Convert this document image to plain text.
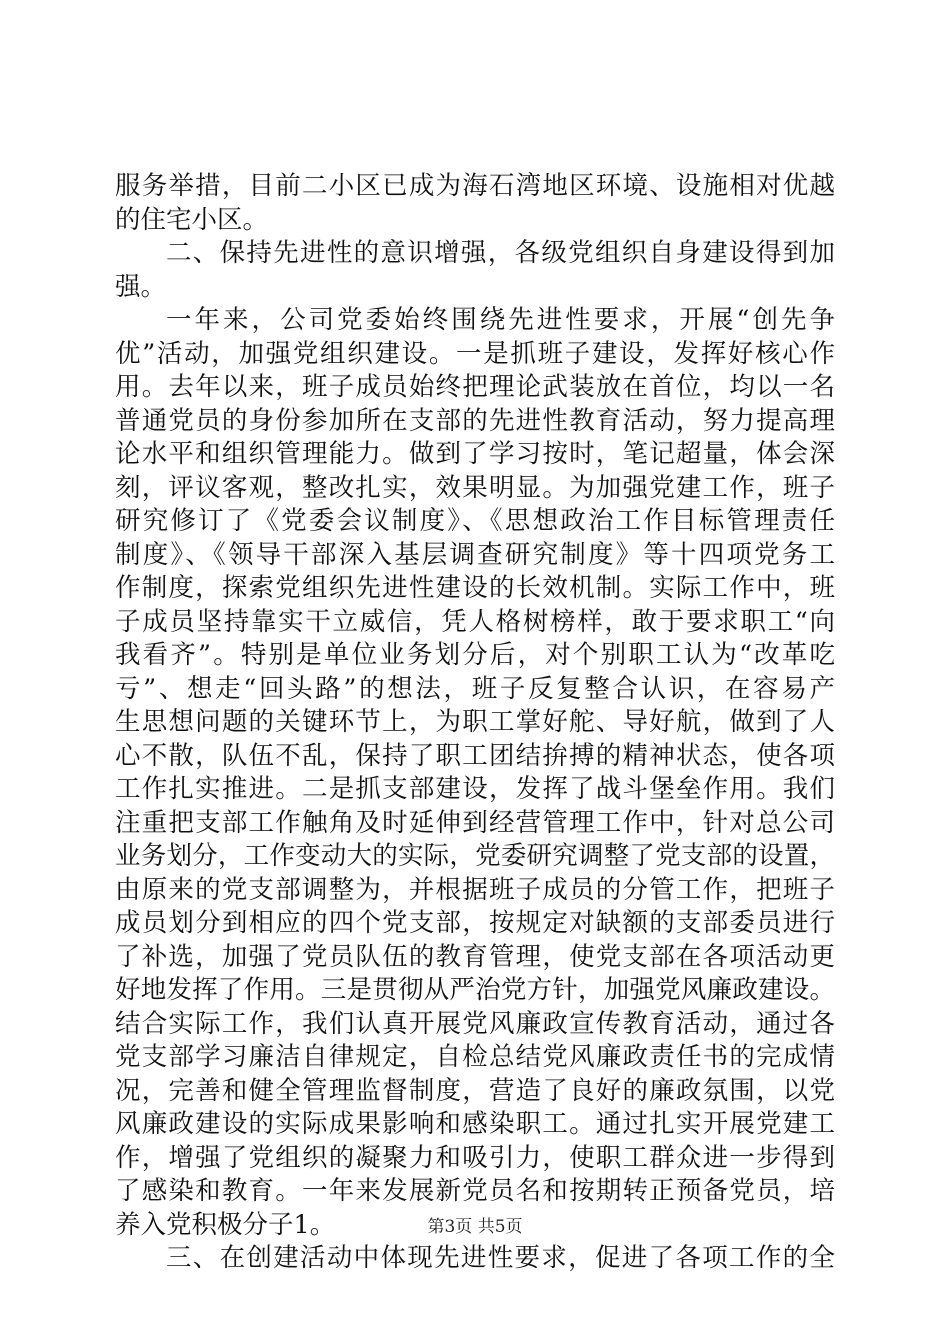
服务举措，目前二小区已成为海石湾地区环境、设施相对优越
的住宅小区。
二、保持先进性的意识增强，各级党组织自身建设得到加
强。
一年来，公司党委始终围绕先进性要求，开展“创先争
优”活动，加强党组织建设。一是抓班子建设，发挥好核心作
用。去年以来，班子成员始终把理论武装放在首位，均以一名
普通党员的身份参加所在支部的先进性教育活动，努力提高理
论水平和组织管理能力。做到了学习按时，笔记超量，体会深
刻，评议客观，整改扎实，效果明显。为加强党建工作，班子
研究修订了《党委会议制度》、《思想政治工作目标管理责任
制度》、《领导干部深入基层调查研究制度》等十四项党务工
作制度，探索党组织先进性建设的长效机制。实际工作中，班
子成员坚持靠实干立威信，凭人格树榜样，敢于要求职工“向
我看齐”。特别是单位业务划分后，对个别职工认为“改革吃
亏”、想走“回头路”的想法，班子反复整合认识，在容易产
生思想问题的关键环节上，为职工掌好舵、导好航，做到了人
心不散，队伍不乱，保持了职工团结拚搏的精神状态，使各项
工作扎实推进。二是抓支部建设，发挥了战斗堡垒作用。我们
注重把支部工作触角及时延伸到经营管理工作中，针对总公司
业务划分，工作变动大的实际，党委研究调整了党支部的设置，
由原来的党支部调整为，并根据班子成员的分管工作，把班子
成员划分到相应的四个党支部，按规定对缺额的支部委员进行
了补选，加强了党员队伍的教育管理，使党支部在各项活动更
好地发挥了作用。三是贯彻从严治党方针，加强党风廉政建设。
结合实际工作，我们认真开展党风廉政宣传教育活动，通过各
党支部学习廉洁自律规定，自检总结党风廉政责任书的完成情
况，完善和健全管理监督制度，营造了良好的廉政氛围，以党
风廉政建设的实际成果影响和感染职工。通过扎实开展党建工
作，增强了党组织的凝聚力和吸引力，使职工群众进一步得到
了感染和教育。一年来发展新党员名和按期转正预备党员，培
养入党积极分子1。
三、在创建活动中体现先进性要求，促进了各项工作的全
第3页 共5页
